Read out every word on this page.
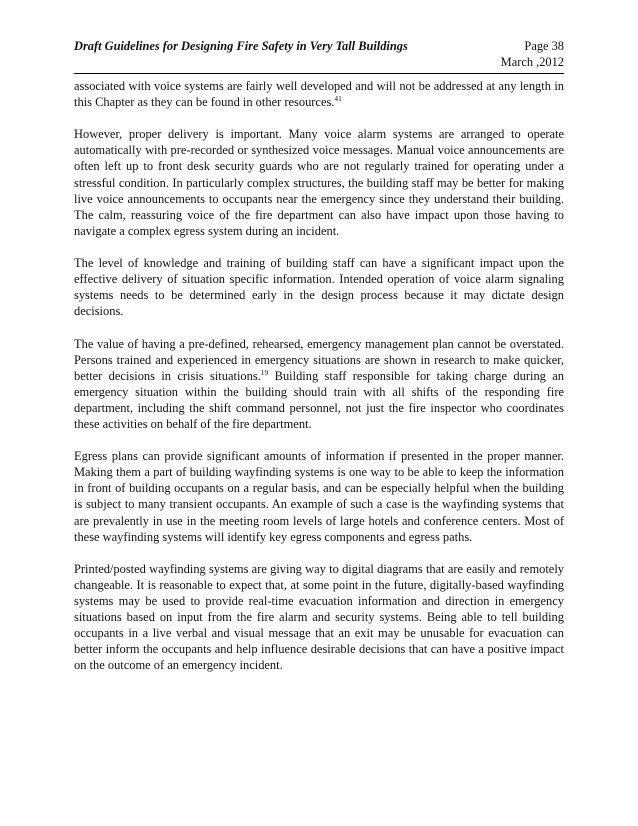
Draft Guidelines for Designing Fire Safety in Very Tall Buildings	Page 38
March ,2012

associated with voice systems are fairly well developed and will not be addressed at any length in this Chapter as they can be found in other resources.$^{41}$

However, proper delivery is important. Many voice alarm systems are arranged to operate automatically with pre-recorded or synthesized voice messages. Manual voice announcements are often left up to front desk security guards who are not regularly trained for operating under a stressful condition. In particularly complex structures, the building staff may be better for making live voice announcements to occupants near the emergency since they understand their building. The calm, reassuring voice of the fire department can also have impact upon those having to navigate a complex egress system during an incident.

The level of knowledge and training of building staff can have a significant impact upon the effective delivery of situation specific information. Intended operation of voice alarm signaling systems needs to be determined early in the design process because it may dictate design decisions.

The value of having a pre-defined, rehearsed, emergency management plan cannot be overstated. Persons trained and experienced in emergency situations are shown in research to make quicker, better decisions in crisis situations.$^{19}$ Building staff responsible for taking charge during an emergency situation within the building should train with all shifts of the responding fire department, including the shift command personnel, not just the fire inspector who coordinates these activities on behalf of the fire department.

Egress plans can provide significant amounts of information if presented in the proper manner. Making them a part of building wayfinding systems is one way to be able to keep the information in front of building occupants on a regular basis, and can be especially helpful when the building is subject to many transient occupants. An example of such a case is the wayfinding systems that are prevalently in use in the meeting room levels of large hotels and conference centers. Most of these wayfinding systems will identify key egress components and egress paths.

Printed/posted wayfinding systems are giving way to digital diagrams that are easily and remotely changeable. It is reasonable to expect that, at some point in the future, digitally-based wayfinding systems may be used to provide real-time evacuation information and direction in emergency situations based on input from the fire alarm and security systems. Being able to tell building occupants in a live verbal and visual message that an exit may be unusable for evacuation can better inform the occupants and help influence desirable decisions that can have a positive impact on the outcome of an emergency incident.
